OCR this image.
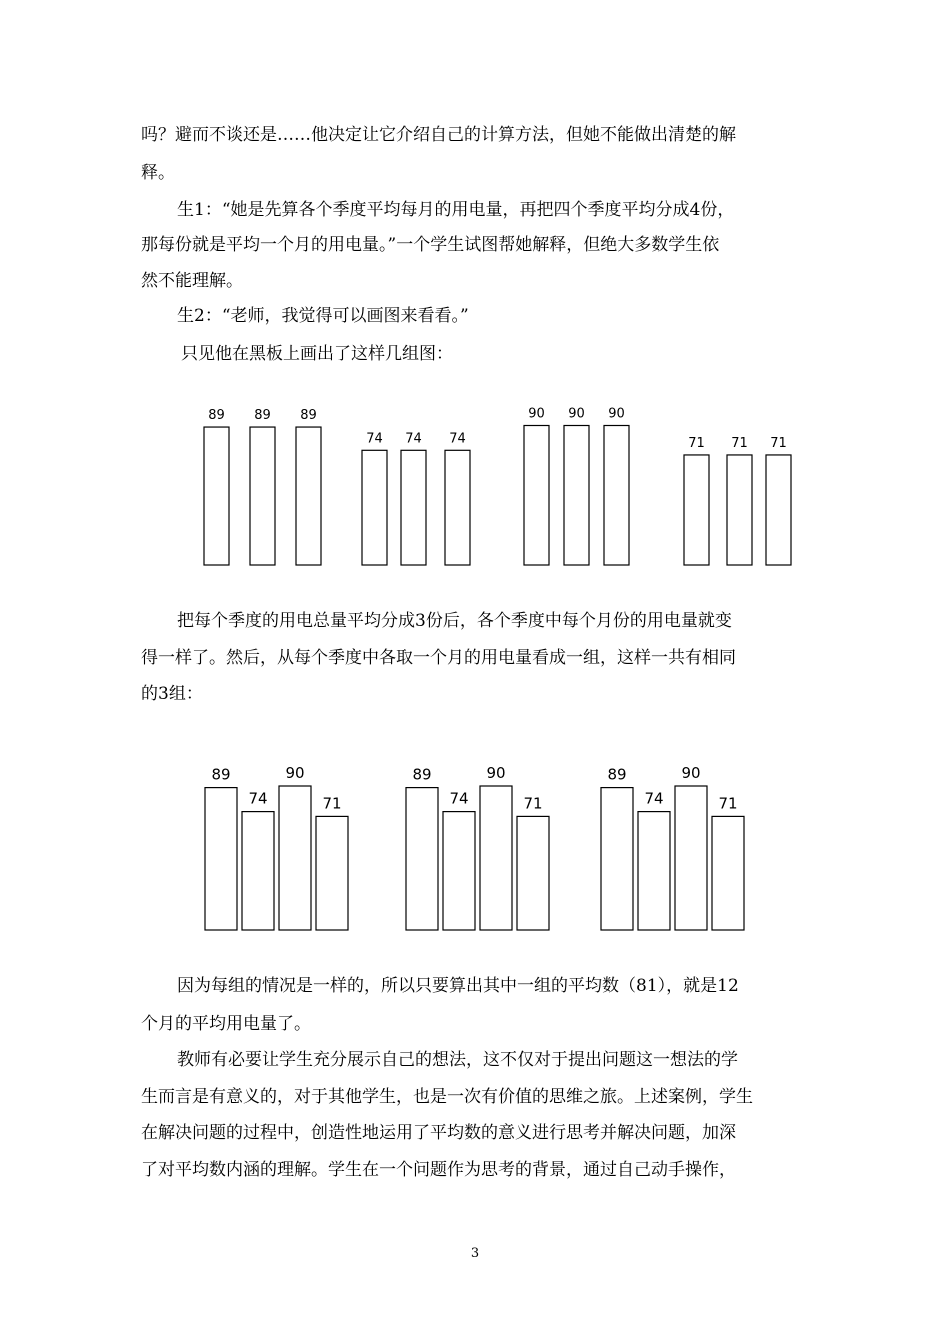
吗？避而不谈还是……他决定让它介绍自己的计算方法，但她不能做出清楚的解
释。
生1：“她是先算各个季度平均每月的用电量，再把四个季度平均分成4份，
那每份就是平均一个月的用电量。”一个学生试图帮她解释，但绝大多数学生依
然不能理解。
生2：“老师，我觉得可以画图来看看。”
只见他在黑板上画出了这样几组图：
89 89 89
74 74 74
90 90 90
71 71 71
把每个季度的用电总量平均分成3份后，各个季度中每个月份的用电量就变
得一样了。然后，从每个季度中各取一个月的用电量看成一组，这样一共有相同
的3组：
89
74
90
71
89
74
90
71
89
74
90
71
因为每组的情况是一样的，所以只要算出其中一组的平均数（81），就是12
个月的平均用电量了。
教师有必要让学生充分展示自己的想法，这不仅对于提出问题这一想法的学
生而言是有意义的，对于其他学生，也是一次有价值的思维之旅。上述案例，学生
在解决问题的过程中，创造性地运用了平均数的意义进行思考并解决问题，加深
了对平均数内涵的理解。学生在一个问题作为思考的背景，通过自己动手操作，
3
